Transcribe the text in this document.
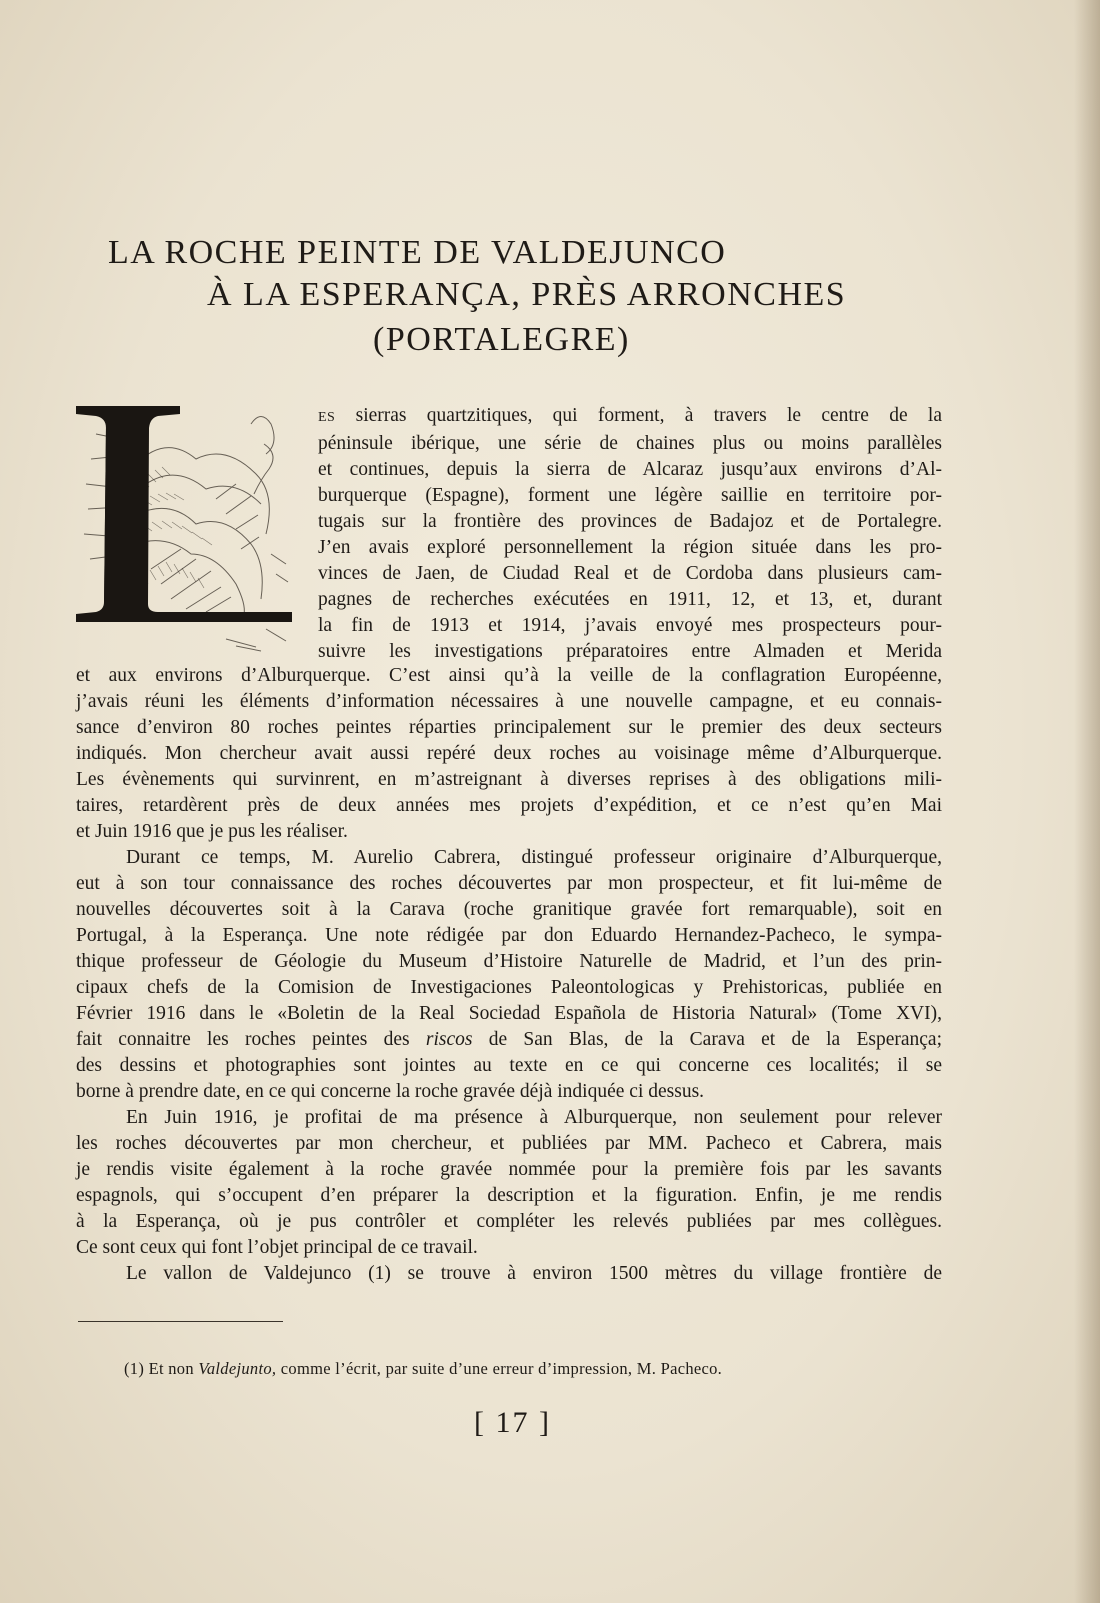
LA ROCHE PEINTE DE VALDEJUNCO
À LA ESPERANÇA, PRÈS ARRONCHES
(PORTALEGRE)
ES sierras quartzitiques, qui forment, à travers le centre de la
péninsule ibérique, une série de chaines plus ou moins parallèles
et continues, depuis la sierra de Alcaraz jusqu’aux environs d’Al-
burquerque (Espagne), forment une légère saillie en territoire por-
tugais sur la frontière des provinces de Badajoz et de Portalegre.
J’en avais exploré personnellement la région située dans les pro-
vinces de Jaen, de Ciudad Real et de Cordoba dans plusieurs cam-
pagnes de recherches exécutées en 1911, 12, et 13, et, durant
la fin de 1913 et 1914, j’avais envoyé mes prospecteurs pour-
suivre les investigations préparatoires entre Almaden et Merida
et aux environs d’Alburquerque. C’est ainsi qu’à la veille de la conflagration Européenne,
j’avais réuni les éléments d’information nécessaires à une nouvelle campagne, et eu connais-
sance d’environ 80 roches peintes réparties principalement sur le premier des deux secteurs
indiqués. Mon chercheur avait aussi repéré deux roches au voisinage même d’Alburquerque.
Les évènements qui survinrent, en m’astreignant à diverses reprises à des obligations mili-
taires, retardèrent près de deux années mes projets d’expédition, et ce n’est qu’en Mai
et Juin 1916 que je pus les réaliser.
Durant ce temps, M. Aurelio Cabrera, distingué professeur originaire d’Alburquerque,
eut à son tour connaissance des roches découvertes par mon prospecteur, et fit lui-même de
nouvelles découvertes soit à la Carava (roche granitique gravée fort remarquable), soit en
Portugal, à la Esperança. Une note rédigée par don Eduardo Hernandez-Pacheco, le sympa-
thique professeur de Géologie du Museum d’Histoire Naturelle de Madrid, et l’un des prin-
cipaux chefs de la Comision de Investigaciones Paleontologicas y Prehistoricas, publiée en
Février 1916 dans le «Boletin de la Real Sociedad Española de Historia Natural» (Tome XVI),
fait connaitre les roches peintes des riscos de San Blas, de la Carava et de la Esperança;
des dessins et photographies sont jointes au texte en ce qui concerne ces localités; il se
borne à prendre date, en ce qui concerne la roche gravée déjà indiquée ci dessus.
En Juin 1916, je profitai de ma présence à Alburquerque, non seulement pour relever
les roches découvertes par mon chercheur, et publiées par MM. Pacheco et Cabrera, mais
je rendis visite également à la roche gravée nommée pour la première fois par les savants
espagnols, qui s’occupent d’en préparer la description et la figuration. Enfin, je me rendis
à la Esperança, où je pus contrôler et compléter les relevés publiées par mes collègues.
Ce sont ceux qui font l’objet principal de ce travail.
Le vallon de Valdejunco (1) se trouve à environ 1500 mètres du village frontière de
(1) Et non Valdejunto, comme l’écrit, par suite d’une erreur d’impression, M. Pacheco.
[ 17 ]
